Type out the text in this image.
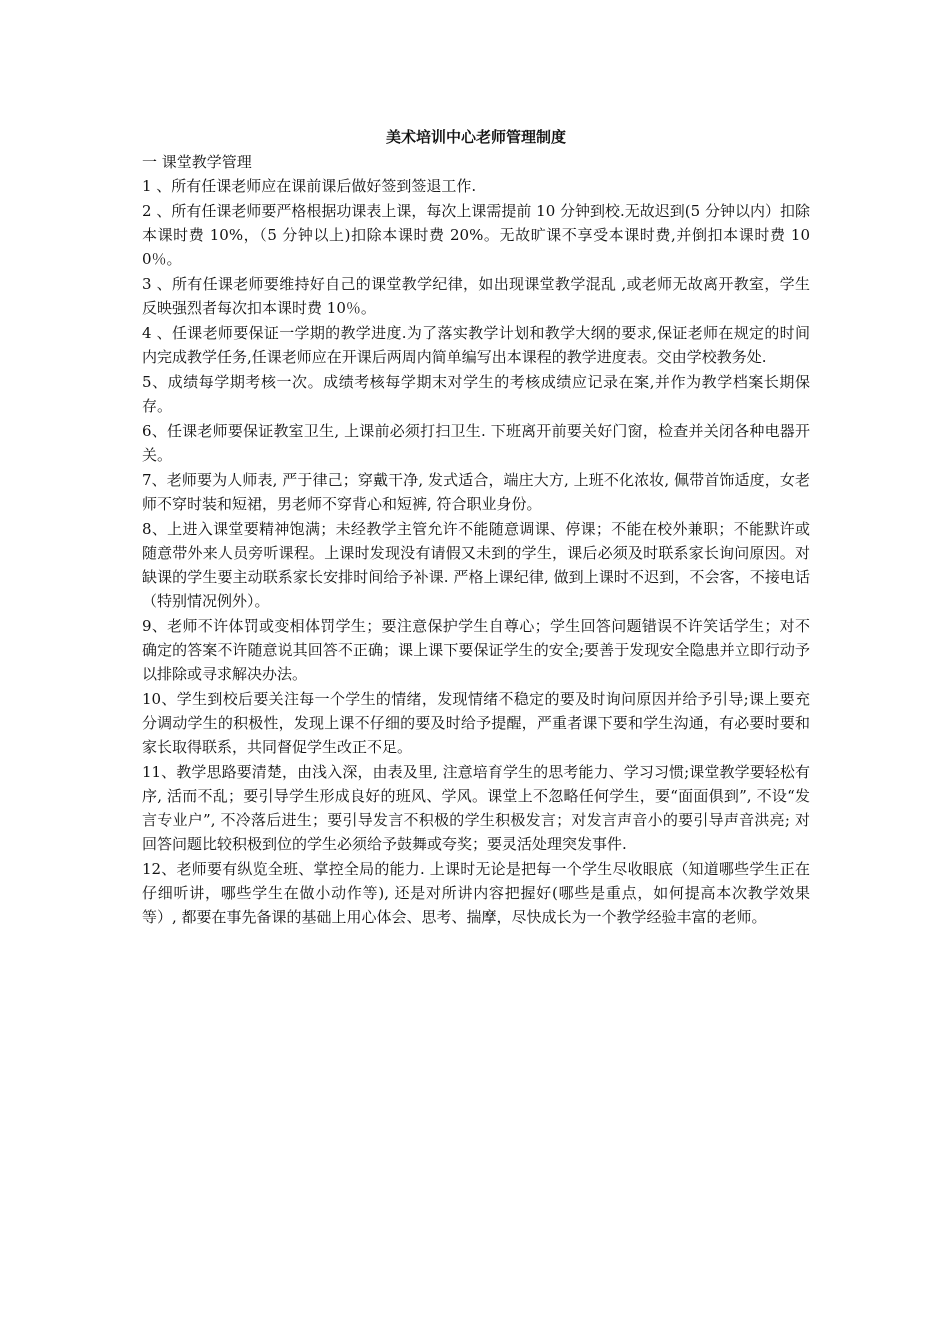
美术培训中心老师管理制度

一 课堂教学管理

1 、所有任课老师应在课前课后做好签到签退工作.

2 、所有任课老师要严格根据功课表上课，每次上课需提前 10 分钟到校.无故迟到(5 分钟以内）扣除本课时费 10%，（5 分钟以上)扣除本课时费 20%。无故旷课不享受本课时费,并倒扣本课时费 100％。

3 、所有任课老师要维持好自己的课堂教学纪律，如出现课堂教学混乱 ,或老师无故离开教室，学生反映强烈者每次扣本课时费 10％。

4 、任课老师要保证一学期的教学进度.为了落实教学计划和教学大纲的要求,保证老师在规定的时间内完成教学任务,任课老师应在开课后两周内简单编写出本课程的教学进度表。交由学校教务处.

5、成绩每学期考核一次。成绩考核每学期末对学生的考核成绩应记录在案,并作为教学档案长期保存。

6、任课老师要保证教室卫生, 上课前必须打扫卫生. 下班离开前要关好门窗，检查并关闭各种电器开关。

7、老师要为人师表, 严于律己；穿戴干净, 发式适合，端庄大方, 上班不化浓妆, 佩带首饰适度，女老师不穿时装和短裙，男老师不穿背心和短裤, 符合职业身份。

8、上进入课堂要精神饱满；未经教学主管允许不能随意调课、停课；不能在校外兼职；不能默许或随意带外来人员旁听课程。上课时发现没有请假又未到的学生，课后必须及时联系家长询问原因。对缺课的学生要主动联系家长安排时间给予补课. 严格上课纪律, 做到上课时不迟到，不会客，不接电话（特别情况例外）。

9、老师不许体罚或变相体罚学生；要注意保护学生自尊心；学生回答问题错误不许笑话学生；对不确定的答案不许随意说其回答不正确；课上课下要保证学生的安全;要善于发现安全隐患并立即行动予以排除或寻求解决办法。

10、学生到校后要关注每一个学生的情绪，发现情绪不稳定的要及时询问原因并给予引导;课上要充分调动学生的积极性，发现上课不仔细的要及时给予提醒，严重者课下要和学生沟通，有必要时要和家长取得联系，共同督促学生改正不足。

11、教学思路要清楚，由浅入深，由表及里, 注意培育学生的思考能力、学习习惯;课堂教学要轻松有序, 活而不乱；要引导学生形成良好的班风、学风。课堂上不忽略任何学生，要“面面俱到”, 不设“发言专业户”, 不冷落后进生；要引导发言不积极的学生积极发言；对发言声音小的要引导声音洪亮; 对回答问题比较积极到位的学生必须给予鼓舞或夸奖；要灵活处理突发事件.

12、老师要有纵览全班、掌控全局的能力. 上课时无论是把每一个学生尽收眼底（知道哪些学生正在仔细听讲，哪些学生在做小动作等), 还是对所讲内容把握好(哪些是重点，如何提高本次教学效果等）, 都要在事先备课的基础上用心体会、思考、揣摩，尽快成长为一个教学经验丰富的老师。
